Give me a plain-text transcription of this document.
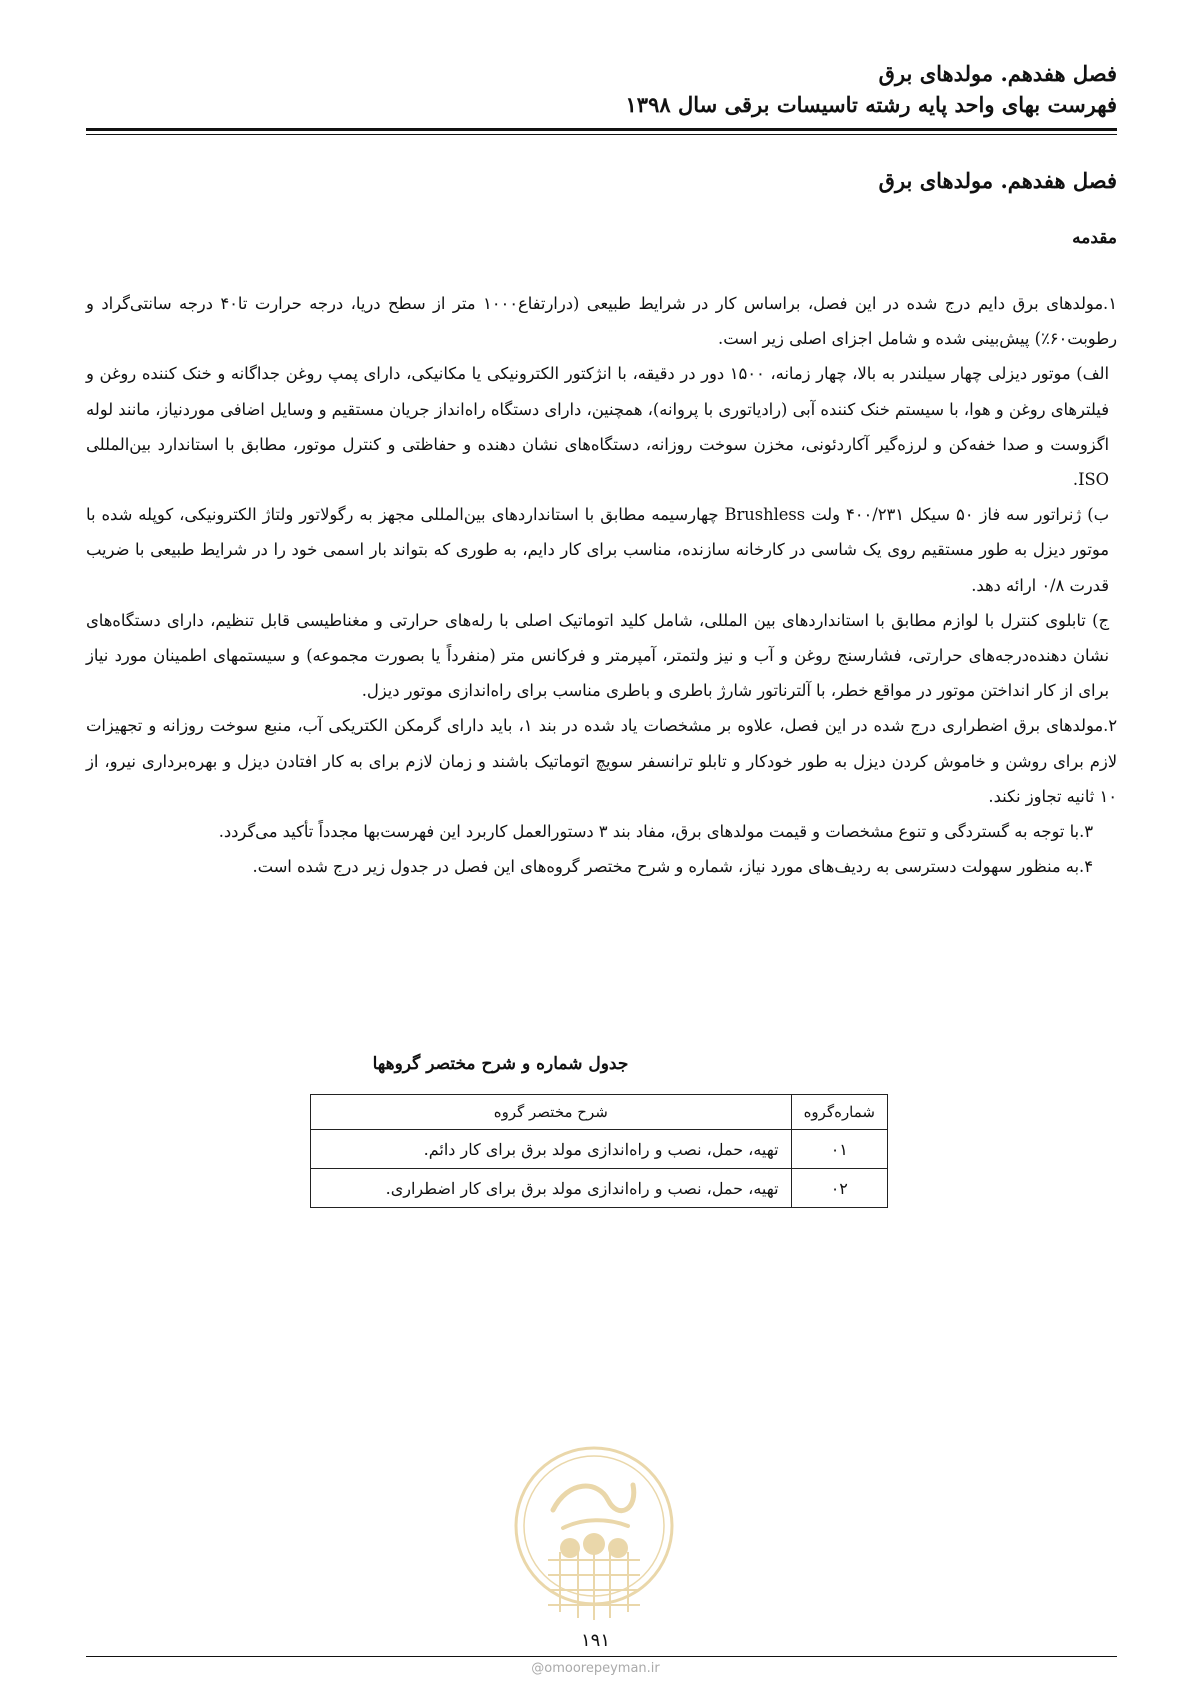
فصل هفدهم. مولدهای برق
فهرست بهای واحد پایه رشته تاسیسات برقی سال ۱۳۹۸
فصل هفدهم. مولدهای برق
مقدمه

۱.مولدهای برق دایم درج شده در این فصل، براساس کار در شرایط طبیعی (درارتفاع۱۰۰۰ متر از سطح دریا، درجه حرارت تا۴۰ درجه سانتی‌گراد و رطوبت۶۰٪) پیش‌بینی شده و شامل اجزای اصلی زیر است.

الف) موتور دیزلی چهار سیلندر به بالا، چهار زمانه، ۱۵۰۰ دور در دقیقه، با انژکتور الکترونیکی یا مکانیکی، دارای پمپ روغن جداگانه و خنک کننده روغن و فیلترهای روغن و هوا، با سیستم خنک کننده آبی (رادیاتوری با پروانه)، همچنین، دارای دستگاه راه‌انداز جریان مستقیم و وسایل اضافی موردنیاز، مانند لوله اگزوست و صدا خفه‌کن و لرزه‌گیر آکاردئونی، مخزن سوخت روزانه، دستگاه‌های نشان دهنده و حفاظتی و کنترل موتور، مطابق با استاندارد بین‌المللی ISO.

ب) ژنراتور سه فاز ۵۰ سیکل ۴۰۰/۲۳۱ ولت Brushless چهارسیمه مطابق با استانداردهای بین‌المللی مجهز به رگولاتور ولتاژ الکترونیکی، کوپله شده با موتور دیزل به طور مستقیم روی یک شاسی در کارخانه سازنده، مناسب برای کار دایم، به طوری که بتواند بار اسمی خود را در شرایط طبیعی با ضریب قدرت ۰/۸ ارائه دهد.

ج) تابلوی کنترل با لوازم مطابق با استانداردهای بین المللی، شامل کلید اتوماتیک اصلی با رله‌های حرارتی و مغناطیسی قابل تنظیم، دارای دستگاه‌های نشان دهنده‌درجه‌های حرارتی، فشارسنج روغن و آب و نیز ولتمتر، آمپرمتر و فرکانس متر (منفرداً یا بصورت مجموعه) و سیستمهای اطمینان مورد نیاز برای از کار انداختن موتور در مواقع خطر، با آلترناتور شارژ باطری و باطری مناسب برای راه‌اندازی موتور دیزل.

۲.مولدهای برق اضطراری درج شده در این فصل، علاوه بر مشخصات یاد شده در بند ۱، باید دارای گرمکن الکتریکی آب، منبع سوخت روزانه و تجهیزات لازم برای روشن و خاموش کردن دیزل به طور خودکار و تابلو ترانسفر سویچ اتوماتیک باشند و زمان لازم برای به کار افتادن دیزل و بهره‌برداری نیرو، از ۱۰ ثانیه تجاوز نکند.

۳.با توجه به گستردگی و تنوع مشخصات و قیمت مولدهای برق، مفاد بند ۳ دستورالعمل کاربرد این فهرست‌بها مجدداً تأکید می‌گردد.

۴.به منظور سهولت دسترسی به ردیف‌های مورد نیاز، شماره و شرح مختصر گروه‌های این فصل در جدول زیر درج شده است.

جدول شماره و شرح مختصر گروهها
شماره‌گروه	شرح مختصر گروه
۰۱	تهیه، حمل، نصب و راه‌اندازی مولد برق برای کار دائم.
۰۲	تهیه، حمل، نصب و راه‌اندازی مولد برق برای کار اضطراری.
۱۹۱
@omoorepeyman.ir
